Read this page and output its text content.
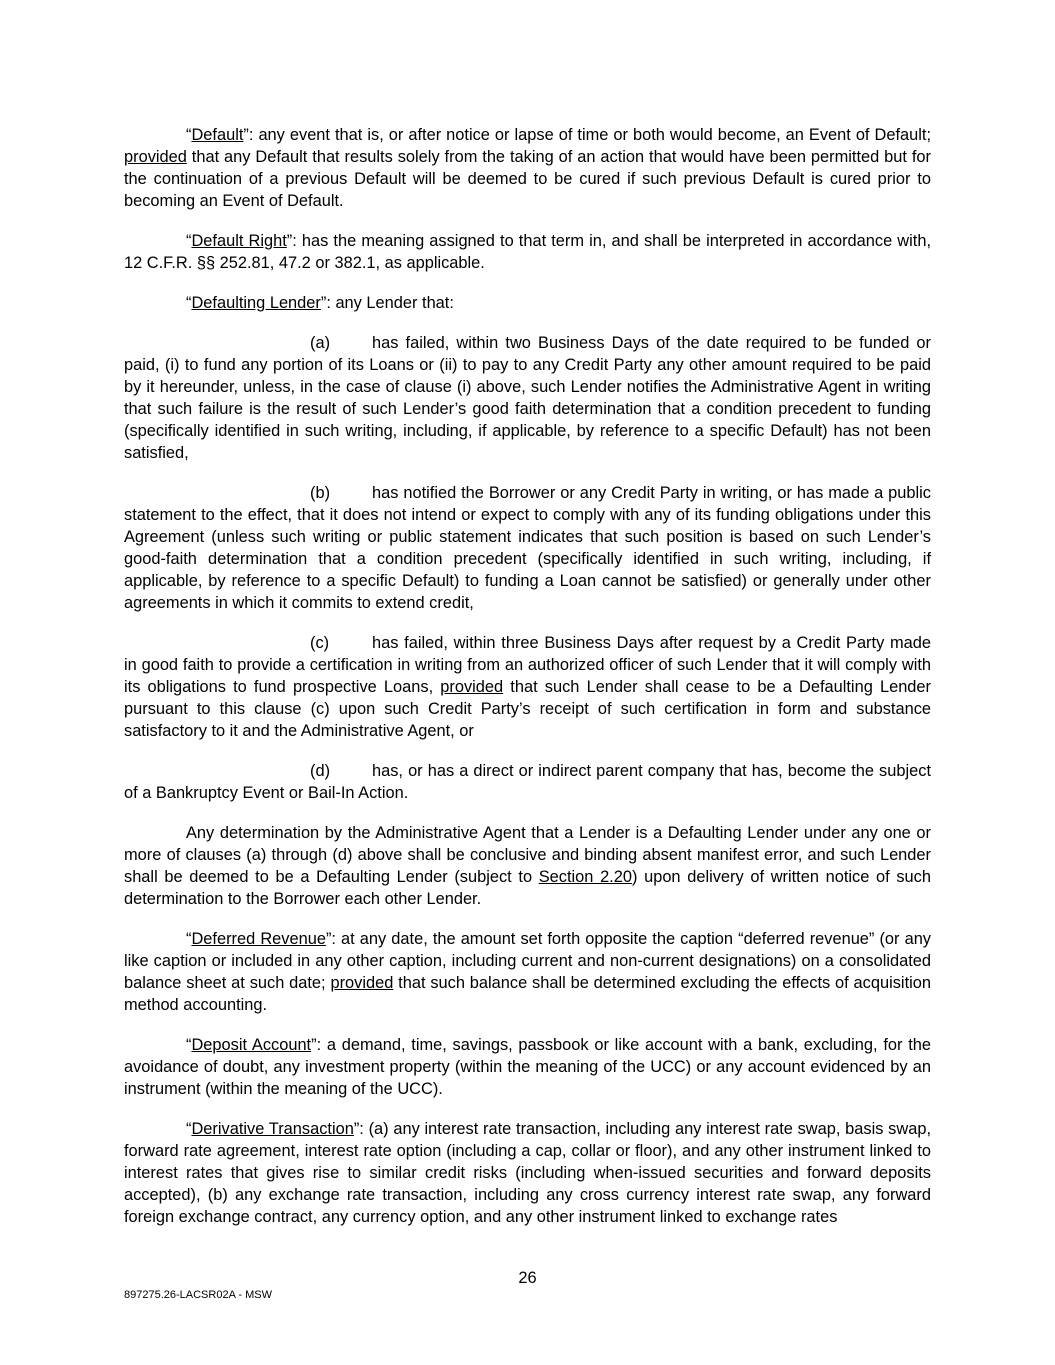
“Default”: any event that is, or after notice or lapse of time or both would become, an Event of Default; provided that any Default that results solely from the taking of an action that would have been permitted but for the continuation of a previous Default will be deemed to be cured if such previous Default is cured prior to becoming an Event of Default.

“Default Right”: has the meaning assigned to that term in, and shall be interpreted in accordance with, 12 C.F.R. §§ 252.81, 47.2 or 382.1, as applicable.

“Defaulting Lender”: any Lender that:

(a)	has failed, within two Business Days of the date required to be funded or paid, (i) to fund any portion of its Loans or (ii) to pay to any Credit Party any other amount required to be paid by it hereunder, unless, in the case of clause (i) above, such Lender notifies the Administrative Agent in writing that such failure is the result of such Lender’s good faith determination that a condition precedent to funding (specifically identified in such writing, including, if applicable, by reference to a specific Default) has not been satisfied,

(b)	has notified the Borrower or any Credit Party in writing, or has made a public statement to the effect, that it does not intend or expect to comply with any of its funding obligations under this Agreement (unless such writing or public statement indicates that such position is based on such Lender’s good-faith determination that a condition precedent (specifically identified in such writing, including, if applicable, by reference to a specific Default) to funding a Loan cannot be satisfied) or generally under other agreements in which it commits to extend credit,

(c)	has failed, within three Business Days after request by a Credit Party made in good faith to provide a certification in writing from an authorized officer of such Lender that it will comply with its obligations to fund prospective Loans, provided that such Lender shall cease to be a Defaulting Lender pursuant to this clause (c) upon such Credit Party’s receipt of such certification in form and substance satisfactory to it and the Administrative Agent, or

(d)	has, or has a direct or indirect parent company that has, become the subject of a Bankruptcy Event or Bail-In Action.

Any determination by the Administrative Agent that a Lender is a Defaulting Lender under any one or more of clauses (a) through (d) above shall be conclusive and binding absent manifest error, and such Lender shall be deemed to be a Defaulting Lender (subject to Section 2.20) upon delivery of written notice of such determination to the Borrower each other Lender.

“Deferred Revenue”: at any date, the amount set forth opposite the caption “deferred revenue” (or any like caption or included in any other caption, including current and non-current designations) on a consolidated balance sheet at such date; provided that such balance shall be determined excluding the effects of acquisition method accounting.

“Deposit Account”: a demand, time, savings, passbook or like account with a bank, excluding, for the avoidance of doubt, any investment property (within the meaning of the UCC) or any account evidenced by an instrument (within the meaning of the UCC).

“Derivative Transaction”: (a) any interest rate transaction, including any interest rate swap, basis swap, forward rate agreement, interest rate option (including a cap, collar or floor), and any other instrument linked to interest rates that gives rise to similar credit risks (including when-issued securities and forward deposits accepted), (b) any exchange rate transaction, including any cross currency interest rate swap, any forward foreign exchange contract, any currency option, and any other instrument linked to exchange rates

26
897275.26-LACSR02A - MSW
